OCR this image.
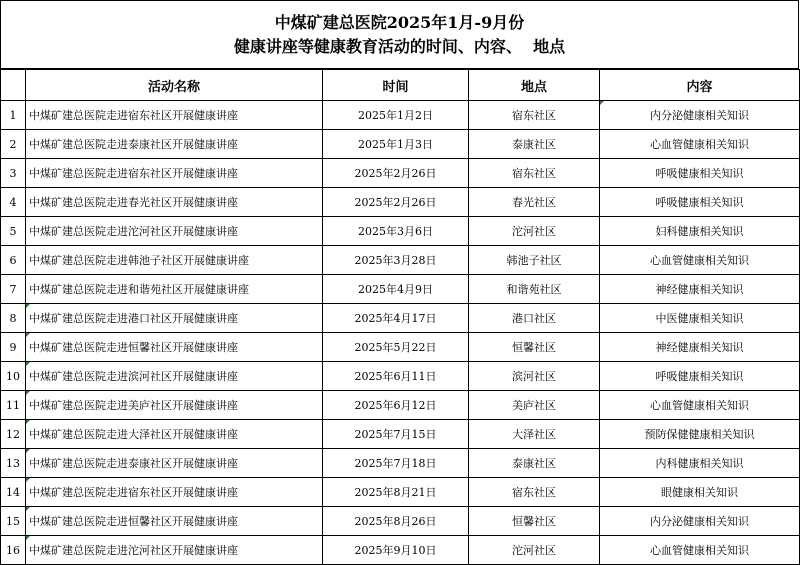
中煤矿建总医院2025年1月-9月份
健康讲座等健康教育活动的时间、内容、  地点
	活动名称	时间	地点	内容
1	中煤矿建总医院走进宿东社区开展健康讲座	2025年1月2日	宿东社区	内分泌健康相关知识
2	中煤矿建总医院走进泰康社区开展健康讲座	2025年1月3日	泰康社区	心血管健康相关知识
3	中煤矿建总医院走进宿东社区开展健康讲座	2025年2月26日	宿东社区	呼吸健康相关知识
4	中煤矿建总医院走进春光社区开展健康讲座	2025年2月26日	春光社区	呼吸健康相关知识
5	中煤矿建总医院走进沱河社区开展健康讲座	2025年3月6日	沱河社区	妇科健康相关知识
6	中煤矿建总医院走进韩池子社区开展健康讲座	2025年3月28日	韩池子社区	心血管健康相关知识
7	中煤矿建总医院走进和谐苑社区开展健康讲座	2025年4月9日	和谐苑社区	神经健康相关知识
8	中煤矿建总医院走进港口社区开展健康讲座	2025年4月17日	港口社区	中医健康相关知识
9	中煤矿建总医院走进恒馨社区开展健康讲座	2025年5月22日	恒馨社区	神经健康相关知识
10	中煤矿建总医院走进滨河社区开展健康讲座	2025年6月11日	滨河社区	呼吸健康相关知识
11	中煤矿建总医院走进美庐社区开展健康讲座	2025年6月12日	美庐社区	心血管健康相关知识
12	中煤矿建总医院走进大泽社区开展健康讲座	2025年7月15日	大泽社区	预防保健健康相关知识
13	中煤矿建总医院走进泰康社区开展健康讲座	2025年7月18日	泰康社区	内科健康相关知识
14	中煤矿建总医院走进宿东社区开展健康讲座	2025年8月21日	宿东社区	眼健康相关知识
15	中煤矿建总医院走进恒馨社区开展健康讲座	2025年8月26日	恒馨社区	内分泌健康相关知识
16	中煤矿建总医院走进沱河社区开展健康讲座	2025年9月10日	沱河社区	心血管健康相关知识
